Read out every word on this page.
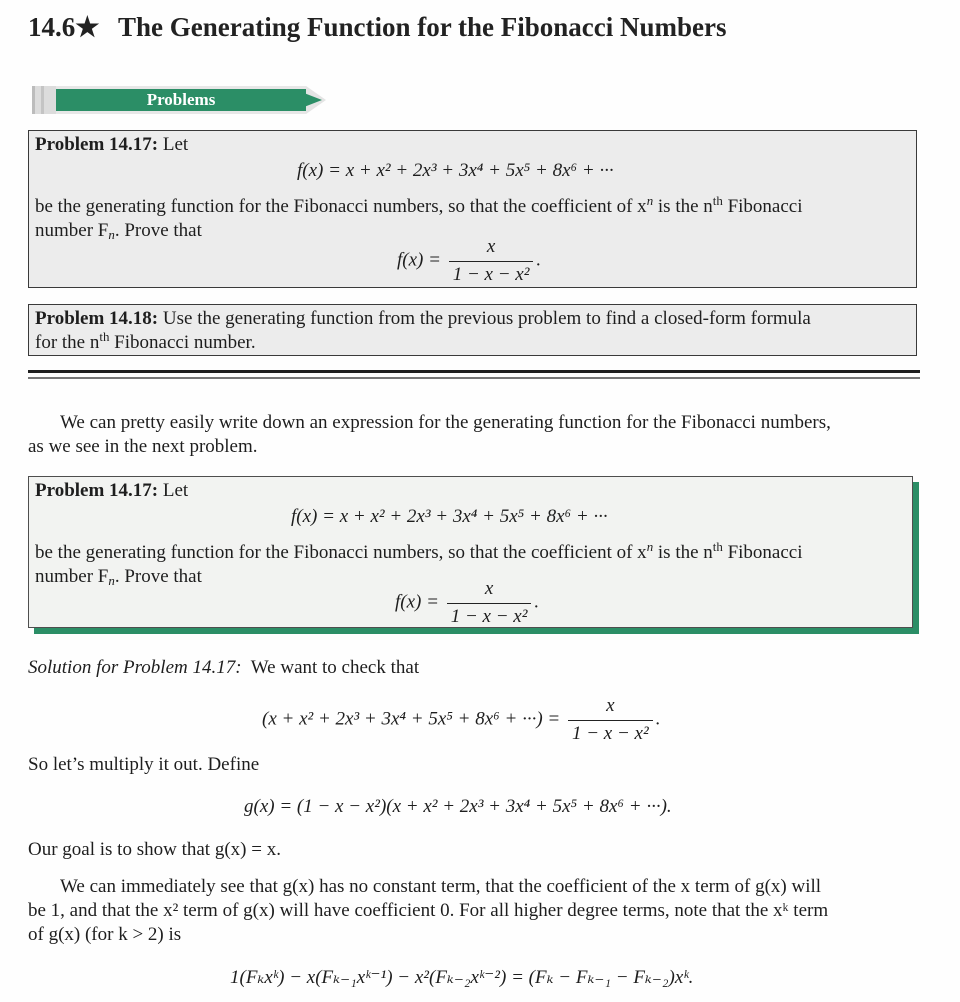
14.6★ The Generating Function for the Fibonacci Numbers
Problems
Problem 14.17: Let
f(x) = x + x² + 2x³ + 3x⁴ + 5x⁵ + 8x⁶ + ···
be the generating function for the Fibonacci numbers, so that the coefficient of $x^n$ is the $n^{th}$ Fibonacci
number $F_n$. Prove that
$f(x) = \frac{x}{\text{1 − x − x²}}$ .
Problem 14.18: Use the generating function from the previous problem to find a closed-form formula
for the $n^{th}$ Fibonacci number.
We can pretty easily write down an expression for the generating function for the Fibonacci numbers,
as we see in the next problem.
Problem 14.17: Let
f(x) = x + x² + 2x³ + 3x⁴ + 5x⁵ + 8x⁶ + ···
be the generating function for the Fibonacci numbers, so that the coefficient of $x^n$ is the $n^{th}$ Fibonacci
number $F_n$. Prove that
$f(x) = \frac{x}{\text{1 − x − x²}}$ .
Solution for Problem 14.17: We want to check that
(x + x² + 2x³ + 3x⁴ + 5x⁵ + 8x⁶ + ···) = $\frac{x}{\text{1 − x − x²}}$ .
So let’s multiply it out. Define
g(x) = (1 − x − x²)(x + x² + 2x³ + 3x⁴ + 5x⁵ + 8x⁶ + ···).
Our goal is to show that g(x) = x.
We can immediately see that g(x) has no constant term, that the coefficient of the x term of g(x) will
be 1, and that the x² term of g(x) will have coefficient 0. For all higher degree terms, note that the xᵏ term
of g(x) (for k > 2) is
1(Fₖxᵏ) − x(Fₖ₋₁xᵏ⁻¹) − x²(Fₖ₋₂xᵏ⁻²) = (Fₖ − Fₖ₋₁ − Fₖ₋₂)xᵏ.
